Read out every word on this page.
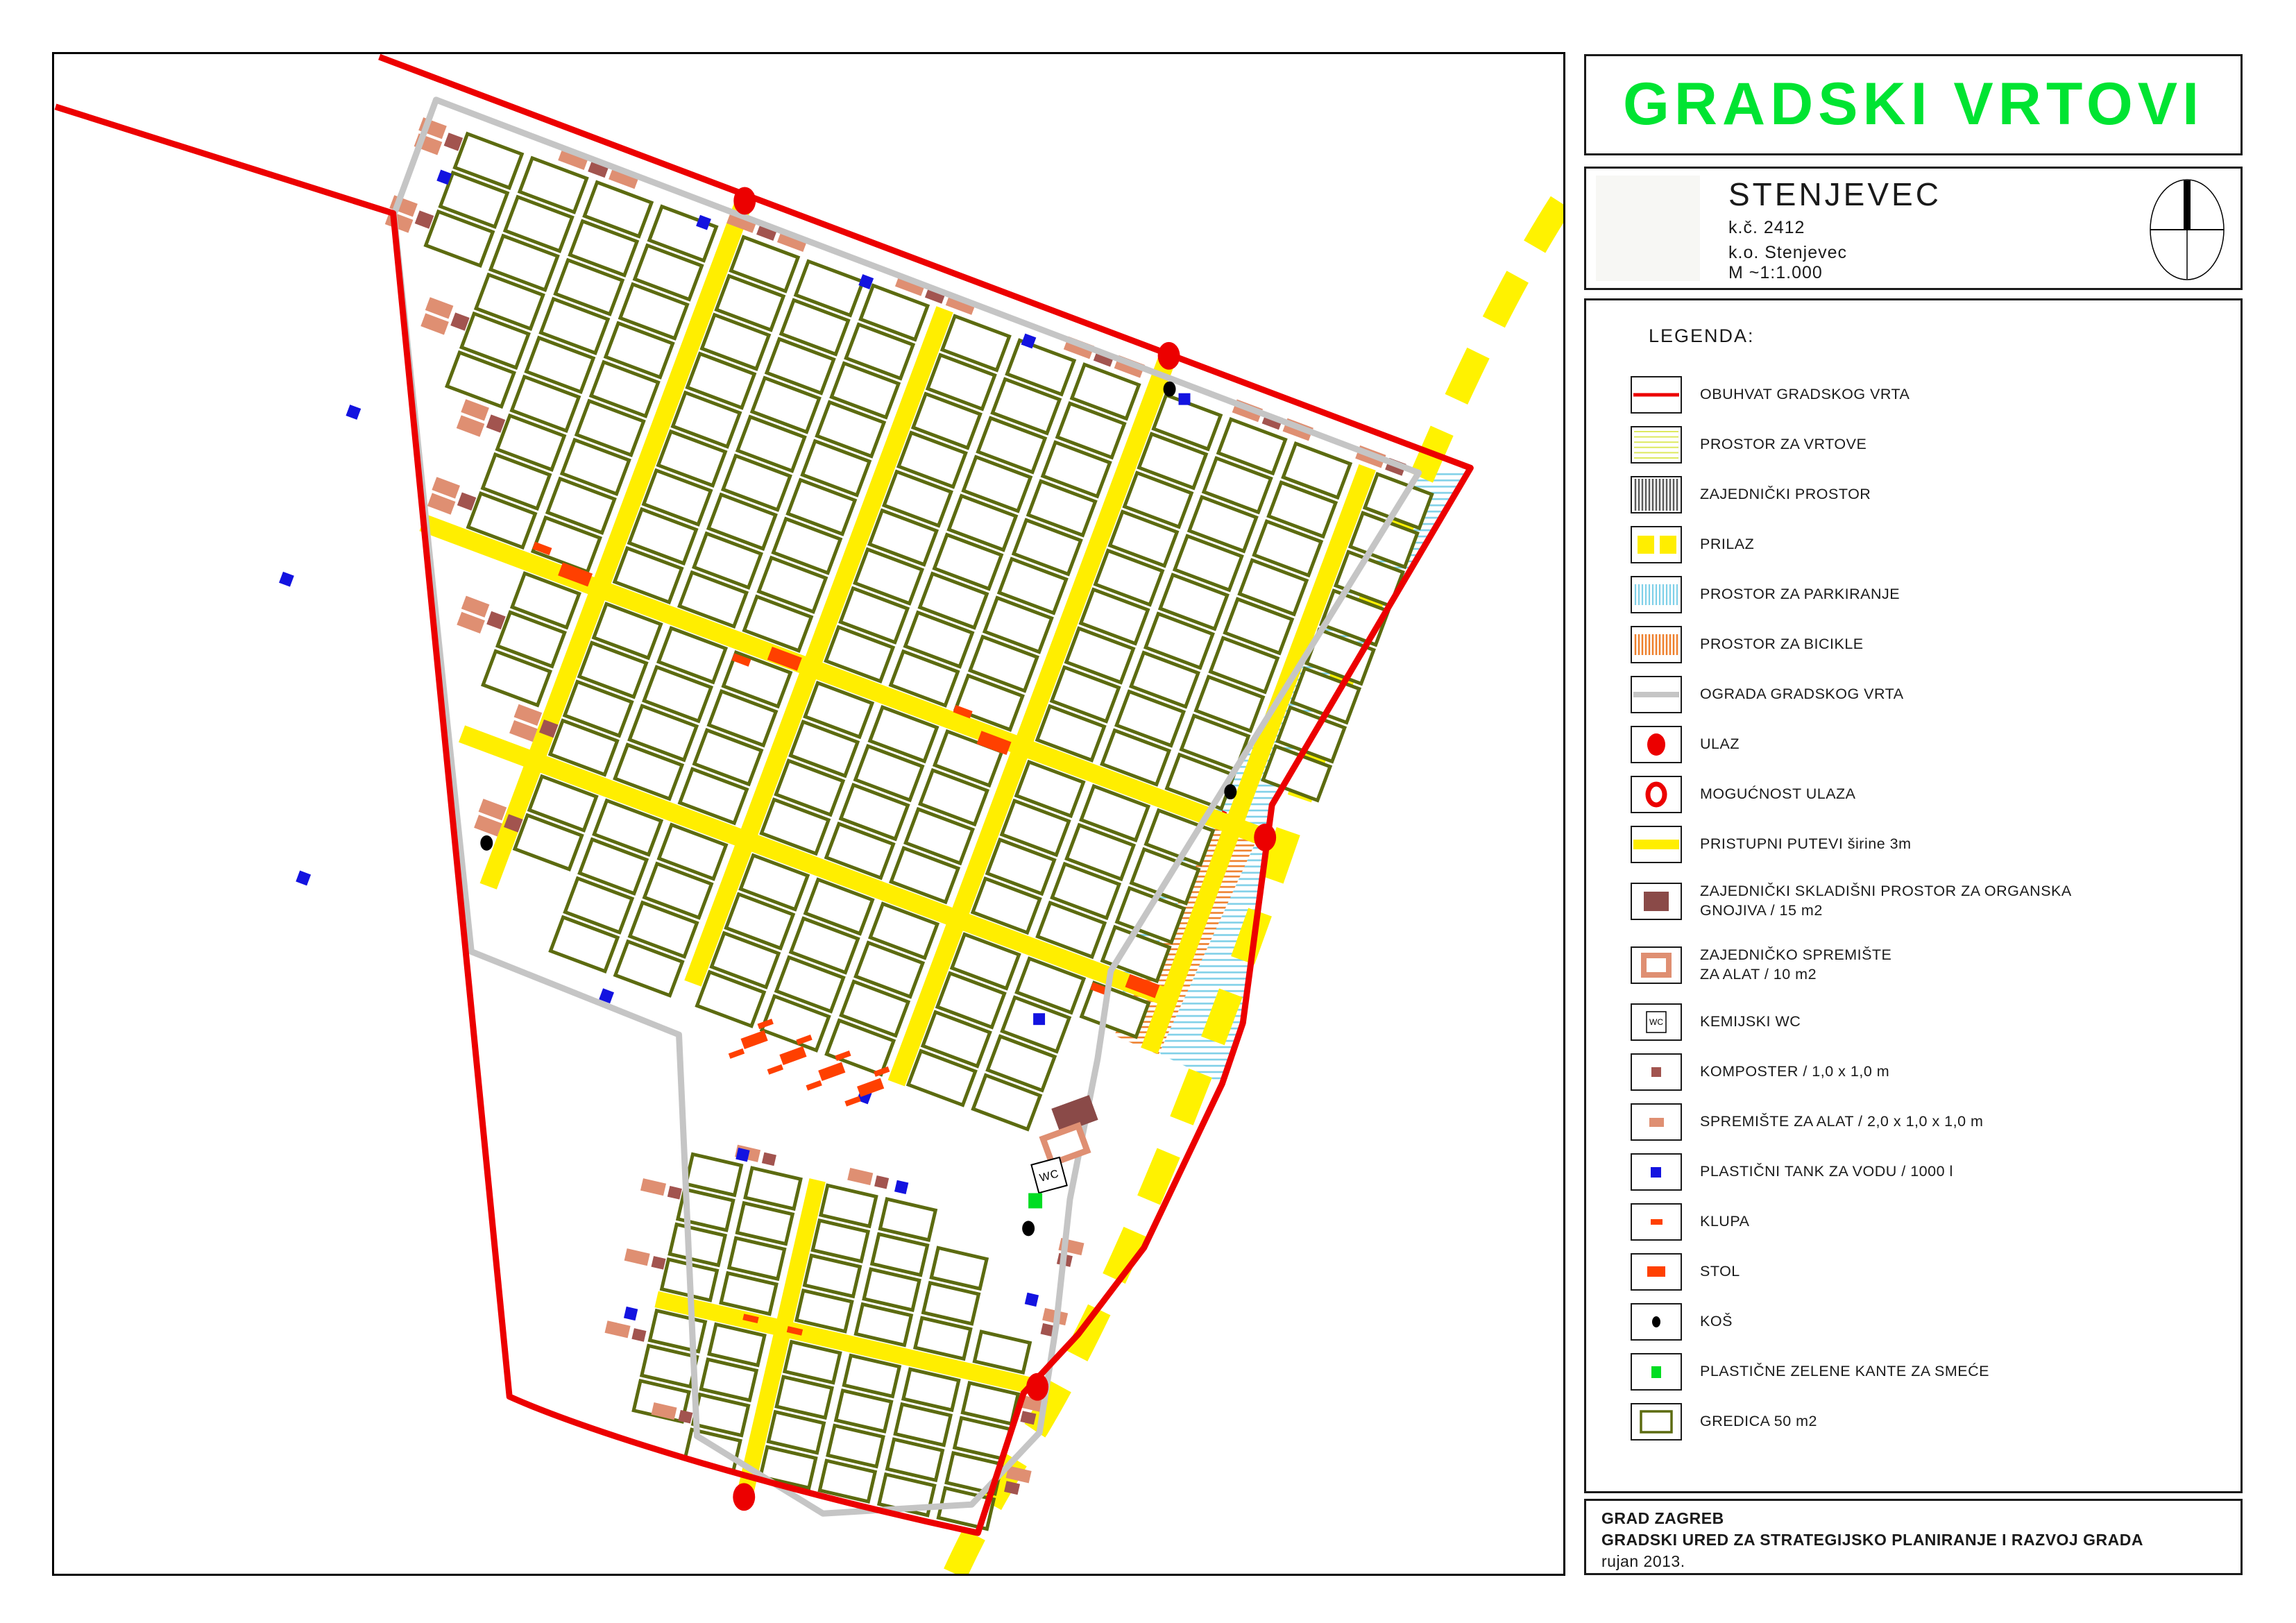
WC
GRADSKI VRTOVI
STENJEVEC
k.č. 2412
k.o. Stenjevec
M ~1:1.000
LEGENDA:
OBUHVAT GRADSKOG VRTA
PROSTOR ZA VRTOVE
ZAJEDNIČKI PROSTOR
PRILAZ
PROSTOR ZA PARKIRANJE
PROSTOR ZA BICIKLE
OGRADA GRADSKOG VRTA
ULAZ
MOGUĆNOST ULAZA
PRISTUPNI PUTEVI širine 3m
ZAJEDNIČKI SKLADIŠNI PROSTOR ZA ORGANSKA
GNOJIVA / 15 m2
ZAJEDNIČKO SPREMIŠTE
ZA ALAT / 10 m2
WC KEMIJSKI WC
KOMPOSTER / 1,0 x 1,0 m
SPREMIŠTE ZA ALAT / 2,0 x 1,0 x 1,0 m
PLASTIČNI TANK ZA VODU / 1000 l
KLUPA
STOL
KOŠ
PLASTIČNE ZELENE KANTE ZA SMEĆE
GREDICA 50 m2
GRAD ZAGREB
GRADSKI URED ZA STRATEGIJSKO PLANIRANJE I RAZVOJ GRADA
rujan 2013.
